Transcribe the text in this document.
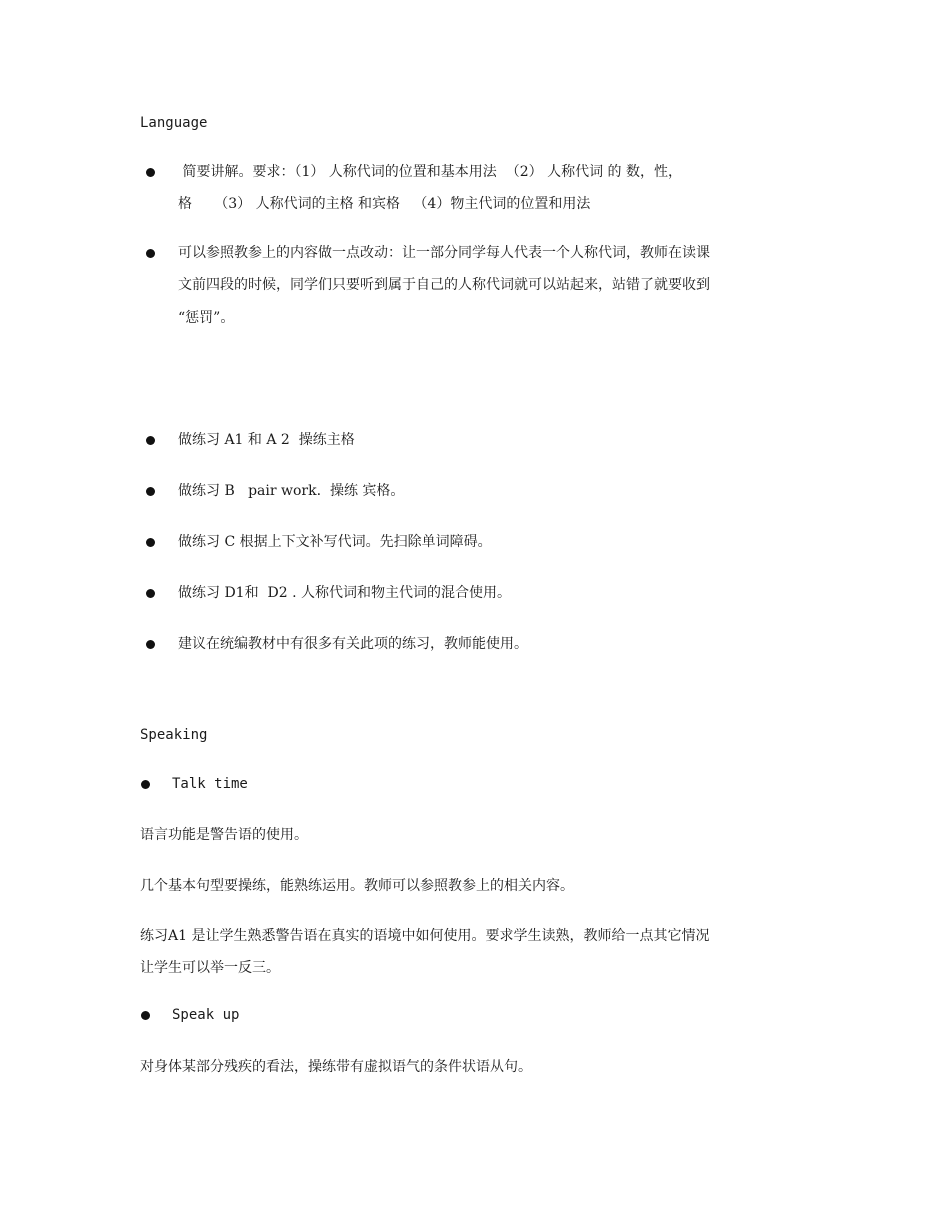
Language
简要讲解。要求：（1） 人称代词的位置和基本用法  （2） 人称代词 的 数，性，
格     （3） 人称代词的主格 和宾格   （4）物主代词的位置和用法
可以参照教参上的内容做一点改动：让一部分同学每人代表一个人称代词，教师在读课
文前四段的时候，同学们只要听到属于自己的人称代词就可以站起来，站错了就要收到
“惩罚”。
做练习 A1 和 A 2  操练主格
做练习 B   pair work.  操练 宾格。
做练习 C 根据上下文补写代词。先扫除单词障碍。
做练习 D1和  D2 . 人称代词和物主代词的混合使用。
建议在统编教材中有很多有关此项的练习，教师能使用。
Speaking
Talk time
语言功能是警告语的使用。
几个基本句型要操练，能熟练运用。教师可以参照教参上的相关内容。
练习A1 是让学生熟悉警告语在真实的语境中如何使用。要求学生读熟，教师给一点其它情况
让学生可以举一反三。
Speak up
对身体某部分残疾的看法，操练带有虚拟语气的条件状语从句。
